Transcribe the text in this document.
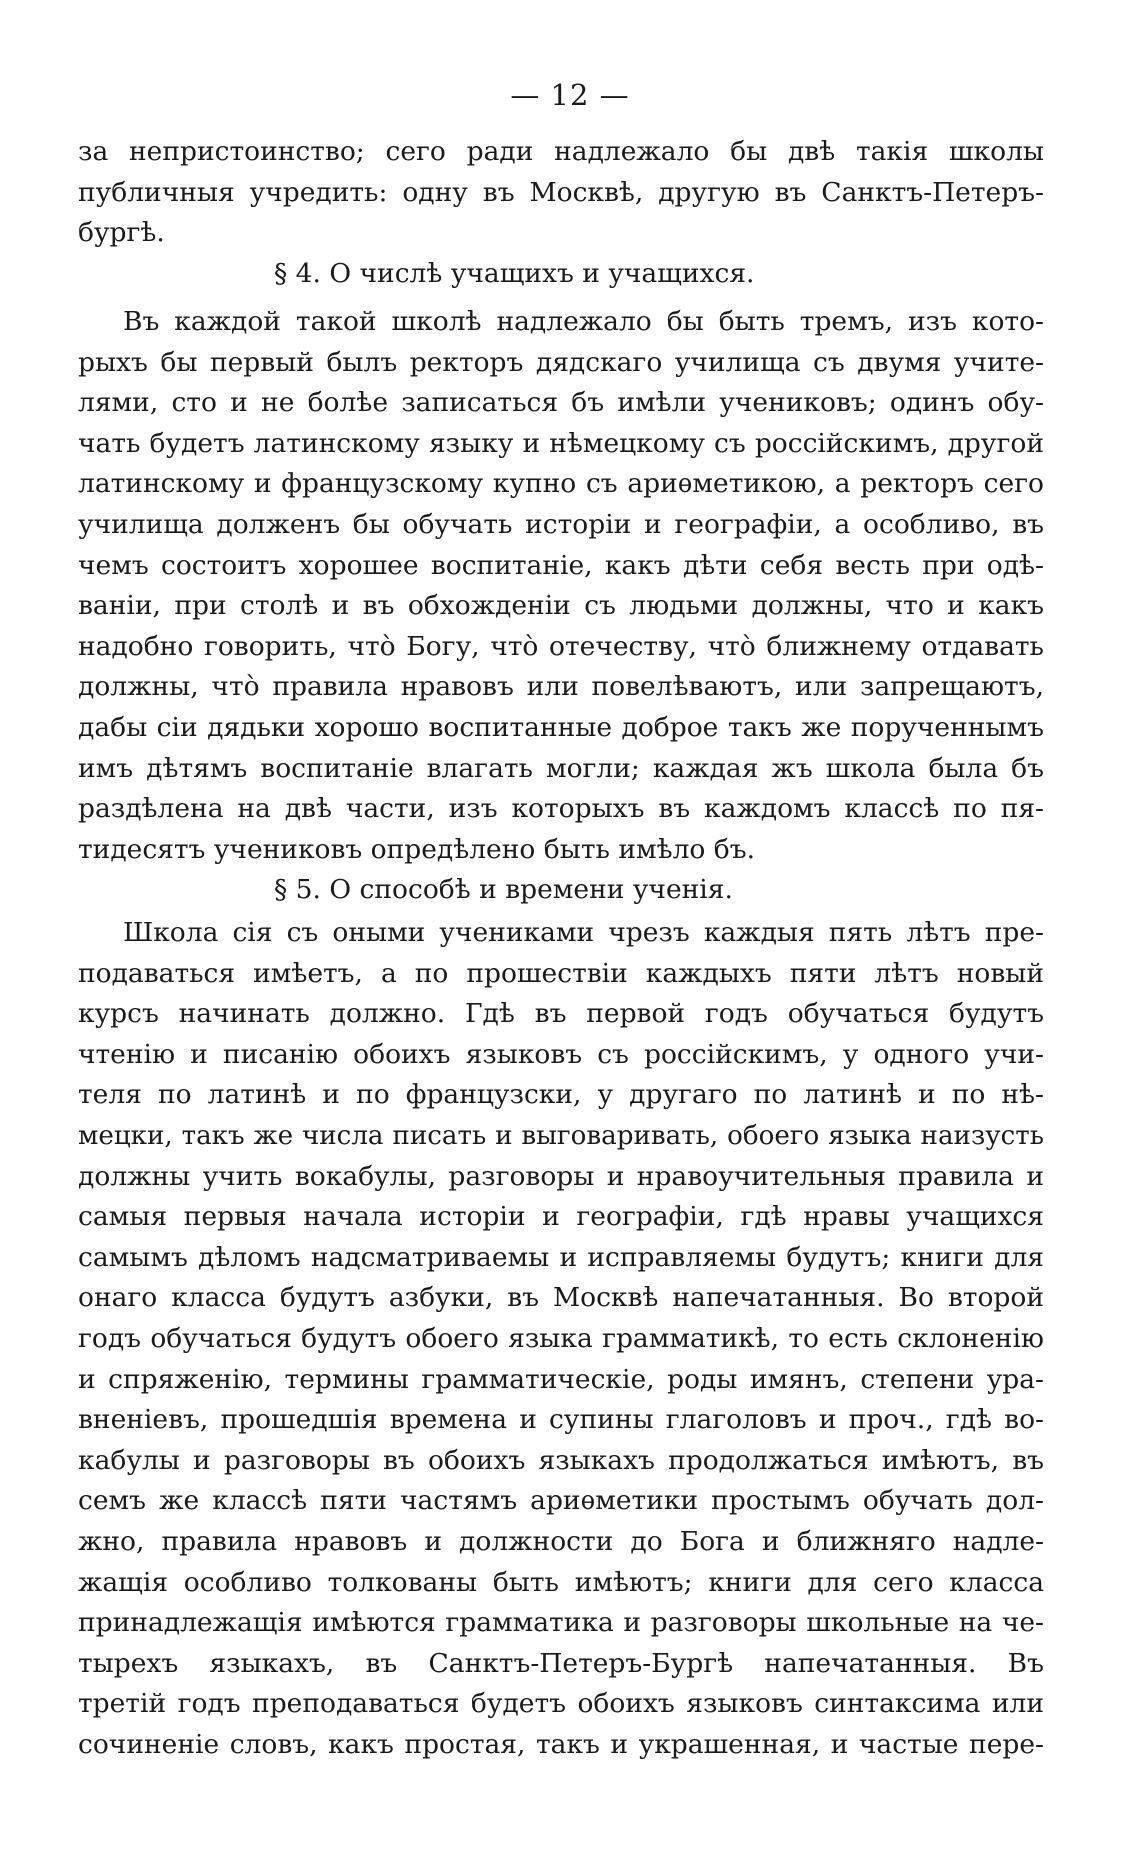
— 12 —
за непристоинство; сего ради надлежало бы двѣ такія школы
публичныя учредить: одну въ Москвѣ, другую въ Санктъ-Петеръ-
бургѣ.
§ 4. О числѣ учащихъ и учащихся.
Въ каждой такой школѣ надлежало бы быть тремъ, изъ кото-
рыхъ бы первый былъ ректоръ дядскаго училища съ двумя учите-
лями, сто и не болѣе записаться бъ имѣли учениковъ; одинъ обу-
чать будетъ латинскому языку и нѣмецкому съ россійскимъ, другой
латинскому и французскому купно съ ариѳметикою, а ректоръ сего
училища долженъ бы обучать исторіи и географіи, а особливо, въ
чемъ состоитъ хорошее воспитаніе, какъ дѣти себя весть при одѣ-
ваніи, при столѣ и въ обхожденіи съ людьми должны, что и какъ
надобно говорить, что̀ Богу, что̀ отечеству, что̀ ближнему отдавать
должны, что̀ правила нравовъ или повелѣваютъ, или запрещаютъ,
дабы сіи дядьки хорошо воспитанные доброе такъ же порученнымъ
имъ дѣтямъ воспитаніе влагать могли; каждая жъ школа была бъ
раздѣлена на двѣ части, изъ которыхъ въ каждомъ классѣ по пя-
тидесятъ учениковъ опредѣлено быть имѣло бъ.
§ 5. О способѣ и времени ученія.
Школа сія съ оными учениками чрезъ каждыя пять лѣтъ пре-
подаваться имѣетъ, а по прошествіи каждыхъ пяти лѣтъ новый
курсъ начинать должно. Гдѣ въ первой годъ обучаться будутъ
чтенію и писанію обоихъ языковъ съ россійскимъ, у одного учи-
теля по латинѣ и по французски, у другаго по латинѣ и по нѣ-
мецки, такъ же числа писать и выговаривать, обоего языка наизусть
должны учить вокабулы, разговоры и нравоучительныя правила и
самыя первыя начала исторіи и географіи, гдѣ нравы учащихся
самымъ дѣломъ надсматриваемы и исправляемы будутъ; книги для
онаго класса будутъ азбуки, въ Москвѣ напечатанныя. Во второй
годъ обучаться будутъ обоего языка грамматикѣ, то есть склоненію
и спряженію, термины грамматическіе, роды имянъ, степени ура-
вненіевъ, прошедшія времена и супины глаголовъ и проч., гдѣ во-
кабулы и разговоры въ обоихъ языкахъ продолжаться имѣютъ, въ
семъ же классѣ пяти частямъ ариѳметики простымъ обучать дол-
жно, правила нравовъ и должности до Бога и ближняго надле-
жащія особливо толкованы быть имѣютъ; книги для сего класса
принадлежащія имѣются грамматика и разговоры школьные на че-
тырехъ языкахъ, въ Санктъ-Петеръ-Бургѣ напечатанныя. Въ
третій годъ преподаваться будетъ обоихъ языковъ синтаксима или
сочиненіе словъ, какъ простая, такъ и украшенная, и частые пере-
